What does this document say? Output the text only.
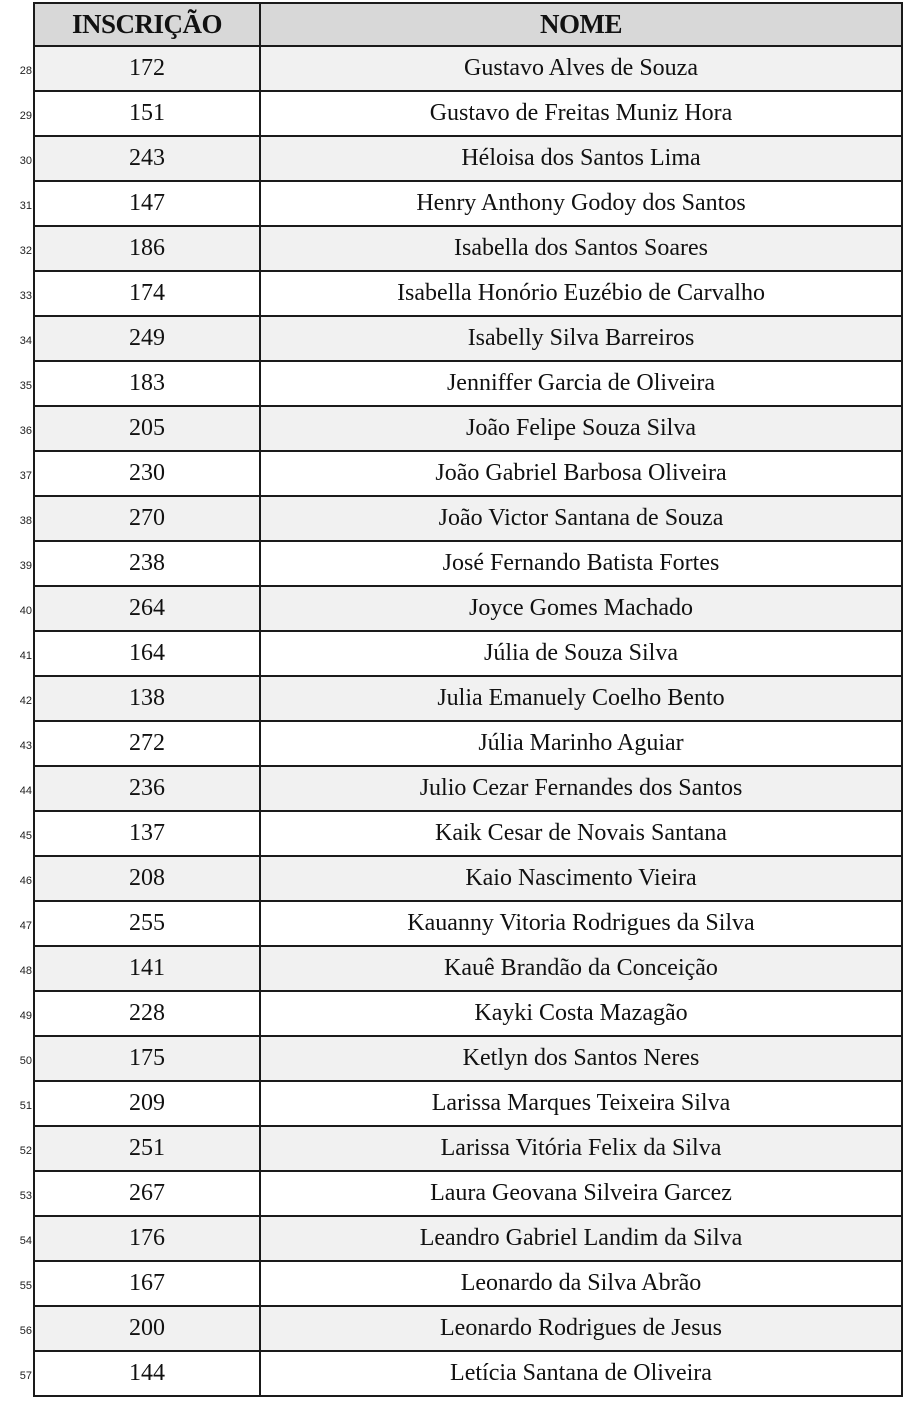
INSCRIÇÃO	NOME

28 172	Gustavo Alves de Souza

29 151	Gustavo de Freitas Muniz Hora

30 243	Héloisa dos Santos Lima

31 147	Henry Anthony Godoy dos Santos

32 186	Isabella dos Santos Soares

33 174	Isabella Honório Euzébio de Carvalho

34 249	Isabelly Silva Barreiros

35 183	Jenniffer Garcia de Oliveira

36 205	João Felipe Souza Silva

37 230	João Gabriel Barbosa Oliveira

38 270	João Victor Santana de Souza

39 238	José Fernando Batista Fortes

40 264	Joyce Gomes Machado

41 164	Júlia de Souza Silva

42 138	Julia Emanuely Coelho Bento

43 272	Júlia Marinho Aguiar

44 236	Julio Cezar Fernandes dos Santos

45 137	Kaik Cesar de Novais Santana

46 208	Kaio Nascimento Vieira

47 255	Kauanny Vitoria Rodrigues da Silva

48 141	Kauê Brandão da Conceição

49 228	Kayki Costa Mazagão

50 175	Ketlyn dos Santos Neres

51 209	Larissa Marques Teixeira Silva

52 251	Larissa Vitória Felix da Silva

53 267	Laura Geovana Silveira Garcez

54 176	Leandro Gabriel Landim da Silva

55 167	Leonardo da Silva Abrão

56 200	Leonardo Rodrigues de Jesus

57 144	Letícia Santana de Oliveira
